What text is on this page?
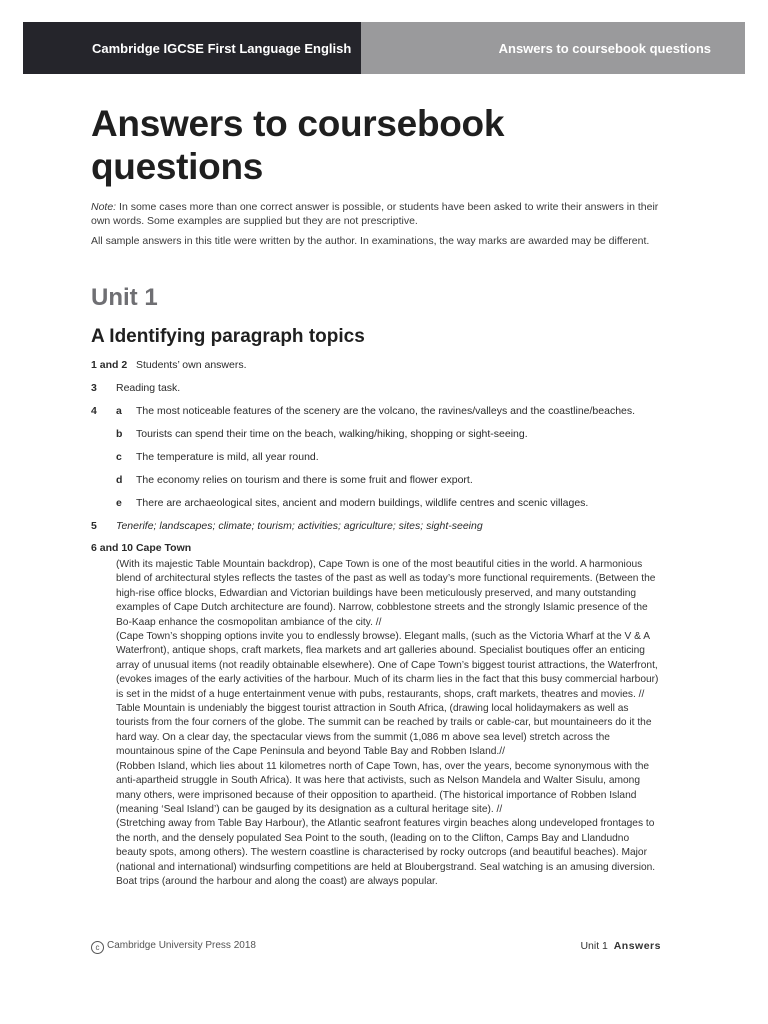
Cambridge IGCSE First Language English	Answers to coursebook questions
Answers to coursebook questions

Note: In some cases more than one correct answer is possible, or students have been asked to write their answers in their own words. Some examples are supplied but they are not prescriptive.

All sample answers in this title were written by the author. In examinations, the way marks are awarded may be different.

Unit 1
A Identifying paragraph topics
1 and 2 Students’ own answers.
3	Reading task.
4	a	The most noticeable features of the scenery are the volcano, the ravines/valleys and the coastline/beaches.
b	Tourists can spend their time on the beach, walking/hiking, shopping or sight-seeing.
c	The temperature is mild, all year round.
d	The economy relies on tourism and there is some fruit and flower export.
e	There are archaeological sites, ancient and modern buildings, wildlife centres and scenic villages.
5	Tenerife; landscapes; climate; tourism; activities; agriculture; sites; sight-seeing
6 and 10 Cape Town

(With its majestic Table Mountain backdrop), Cape Town is one of the most beautiful cities in the world. A harmonious blend of architectural styles reflects the tastes of the past as well as today’s more functional requirements. (Between the high-rise office blocks, Edwardian and Victorian buildings have been meticulously preserved, and many outstanding examples of Cape Dutch architecture are found). Narrow, cobblestone streets and the strongly Islamic presence of the Bo-Kaap enhance the cosmopolitan ambiance of the city. //

(Cape Town’s shopping options invite you to endlessly browse). Elegant malls, (such as the Victoria Wharf at the V & A Waterfront), antique shops, craft markets, flea markets and art galleries abound. Specialist boutiques offer an enticing array of unusual items (not readily obtainable elsewhere). One of Cape Town’s biggest tourist attractions, the Waterfront, (evokes images of the early activities of the harbour. Much of its charm lies in the fact that this busy commercial harbour) is set in the midst of a huge entertainment venue with pubs, restaurants, shops, craft markets, theatres and movies. //

Table Mountain is undeniably the biggest tourist attraction in South Africa, (drawing local holidaymakers as well as tourists from the four corners of the globe. The summit can be reached by trails or cable-car, but mountaineers do it the hard way. On a clear day, the spectacular views from the summit (1,086 m above sea level) stretch across the mountainous spine of the Cape Peninsula and beyond Table Bay and Robben Island.//

(Robben Island, which lies about 11 kilometres north of Cape Town, has, over the years, become synonymous with the anti-apartheid struggle in South Africa). It was here that activists, such as Nelson Mandela and Walter Sisulu, among many others, were imprisoned because of their opposition to apartheid. (The historical importance of Robben Island (meaning ‘Seal Island’) can be gauged by its designation as a cultural heritage site). //

(Stretching away from Table Bay Harbour), the Atlantic seafront features virgin beaches along undeveloped frontages to the north, and the densely populated Sea Point to the south, (leading on to the Clifton, Camps Bay and Llandudno beauty spots, among others). The western coastline is characterised by rocky outcrops (and beautiful beaches). Major (national and international) windsurfing competitions are held at Bloubergstrand. Seal watching is an amusing diversion. Boat trips (around the harbour and along the coast) are always popular.

c Cambridge University Press 2018	Unit 1 Answers
